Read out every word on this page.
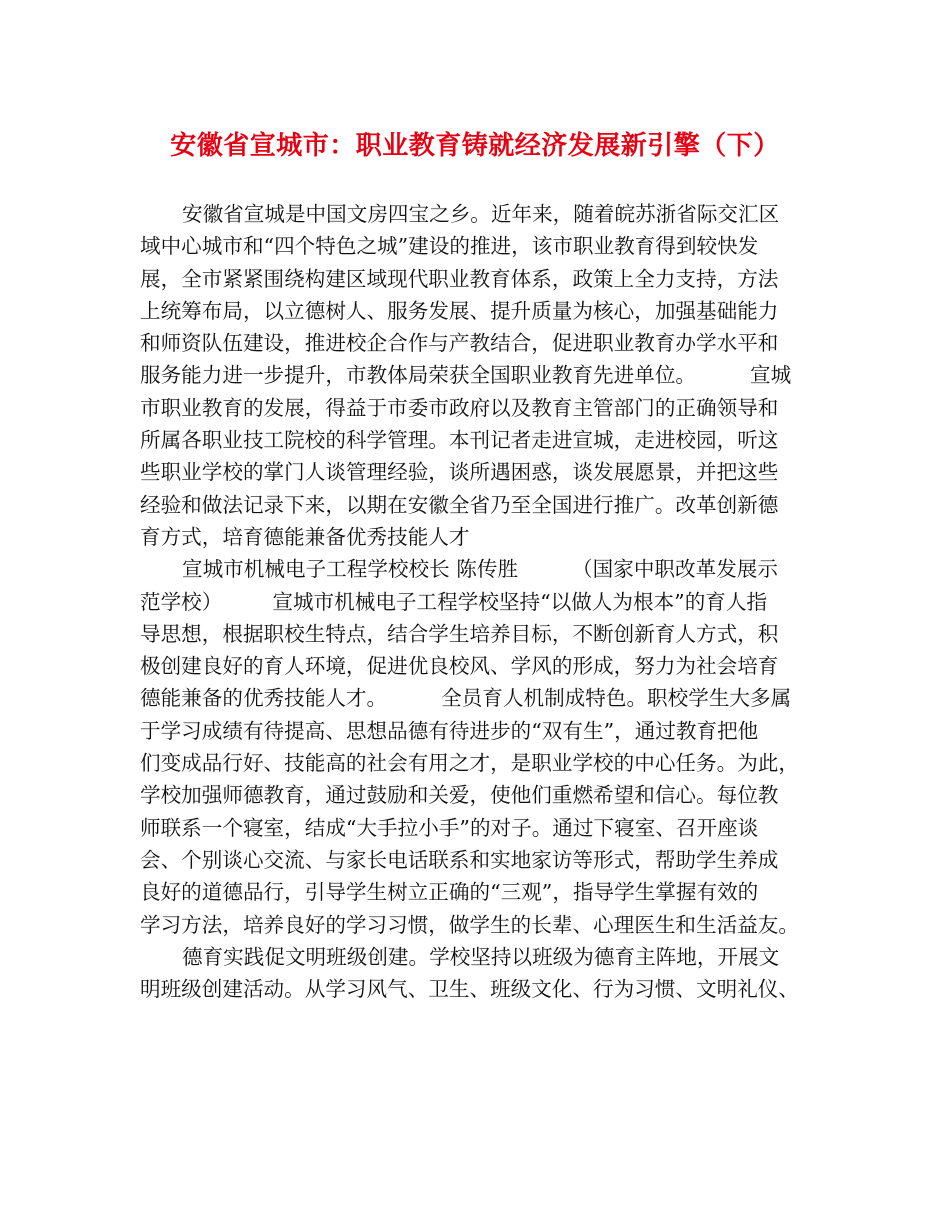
安徽省宣城市：职业教育铸就经济发展新引擎（下）
安徽省宣城是中国文房四宝之乡。近年来，随着皖苏浙省际交汇区
域中心城市和“四个特色之城”建设的推进，该市职业教育得到较快发
展，全市紧紧围绕构建区域现代职业教育体系，政策上全力支持，方法
上统筹布局，以立德树人、服务发展、提升质量为核心，加强基础能力
和师资队伍建设，推进校企合作与产教结合，促进职业教育办学水平和
服务能力进一步提升，市教体局荣获全国职业教育先进单位。	宣城
市职业教育的发展，得益于市委市政府以及教育主管部门的正确领导和
所属各职业技工院校的科学管理。本刊记者走进宣城，走进校园，听这
些职业学校的掌门人谈管理经验，谈所遇困惑，谈发展愿景，并把这些
经验和做法记录下来，以期在安徽全省乃至全国进行推广。改革创新德
育方式，培育德能兼备优秀技能人才
宣城市机械电子工程学校校长 陈传胜	（国家中职改革发展示
范学校） 宣城市机械电子工程学校坚持“以做人为根本”的育人指
导思想，根据职校生特点，结合学生培养目标，不断创新育人方式，积
极创建良好的育人环境，促进优良校风、学风的形成，努力为社会培育
德能兼备的优秀技能人才。	全员育人机制成特色。职校学生大多属
于学习成绩有待提高、思想品德有待进步的“双有生”，通过教育把他
们变成品行好、技能高的社会有用之才，是职业学校的中心任务。为此，
学校加强师德教育，通过鼓励和关爱，使他们重燃希望和信心。每位教
师联系一个寝室，结成“大手拉小手”的对子。通过下寝室、召开座谈
会、个别谈心交流、与家长电话联系和实地家访等形式，帮助学生养成
良好的道德品行，引导学生树立正确的“三观”，指导学生掌握有效的
学习方法，培养良好的学习习惯，做学生的长辈、心理医生和生活益友。
德育实践促文明班级创建。学校坚持以班级为德育主阵地，开展文
明班级创建活动。从学习风气、卫生、班级文化、行为习惯、文明礼仪、
